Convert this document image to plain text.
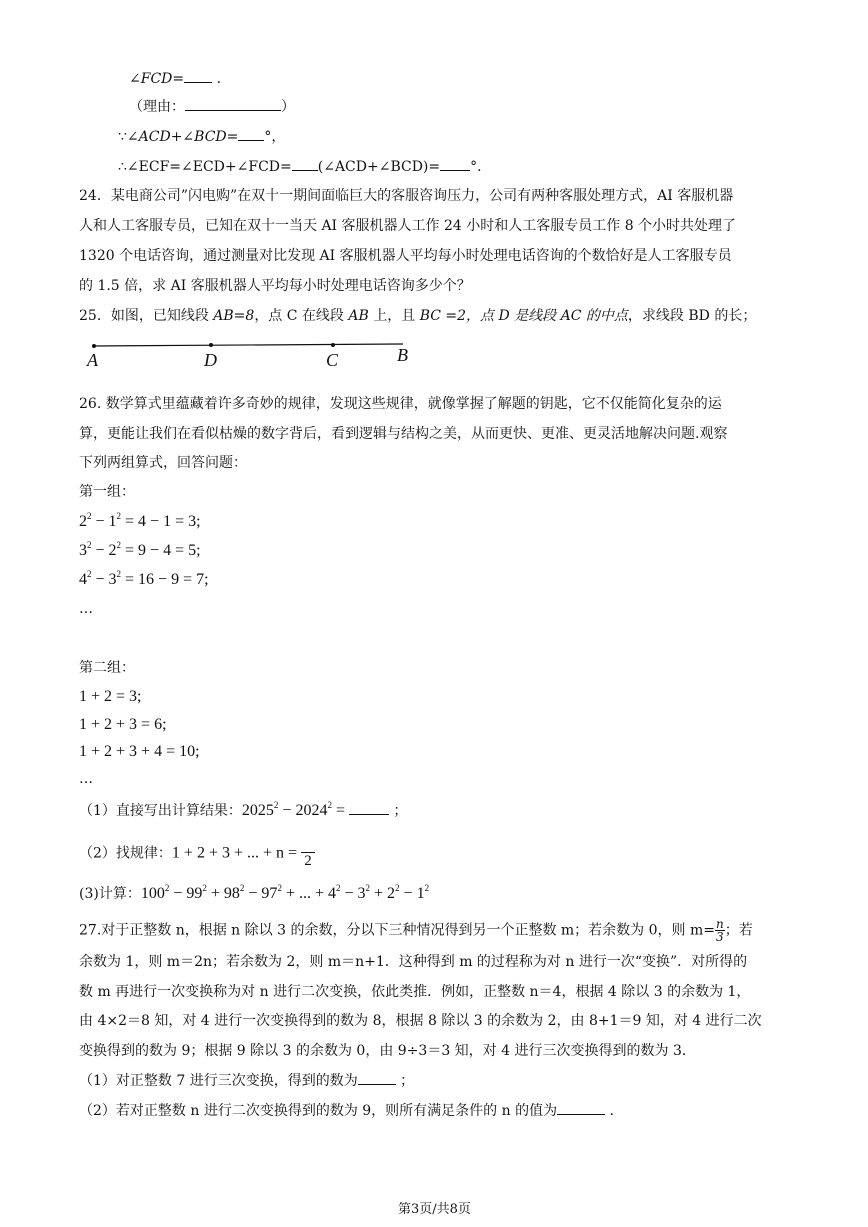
∠FCD= .
（理由：	）
∵∠ACD+∠BCD= °，
∴∠ECF=∠ECD+∠FCD= (∠ACD+∠BCD)= °.
24．某电商公司”闪电购”在双十一期间面临巨大的客服咨询压力，公司有两种客服处理方式，AI 客服机器
人和人工客服专员，已知在双十一当天 AI 客服机器人工作 24 小时和人工客服专员工作 8 个小时共处理了
1320 个电话咨询，通过测量对比发现 AI 客服机器人平均每小时处理电话咨询的个数恰好是人工客服专员
的 1.5 倍，求 AI 客服机器人平均每小时处理电话咨询多少个？
25．如图，已知线段 AB=8，点 C 在线段 AB 上，且 BC =2，点 D 是线段 AC 的中点，求线段 BD 的长；
A	D	C	B
26. 数学算式里蕴藏着许多奇妙的规律，发现这些规律，就像掌握了解题的钥匙，它不仅能简化复杂的运
算，更能让我们在看似枯燥的数字背后，看到逻辑与结构之美，从而更快、更准、更灵活地解决问题.观察
下列两组算式，回答问题：
第一组：
$2^2 - 1^2 = 4 - 1 = 3$;
$3^2 - 2^2 = 9 - 4 = 5$;
$4^2 - 3^2 = 16 - 9 = 7$;
…
第二组：
1 + 2 = 3;
1 + 2 + 3 = 6;
1 + 2 + 3 + 4 = 10;
…
（1）直接写出计算结果：$2025^2 - 2024^2$ =	；
（2）找规律：1 + 2 + 3 + ... + n = 2
(3)计算：$100^2 - 99^2 + 98^2 - 97^2$ + ... + $4^2 - 3^2 + 2^2 - 1^2$
27.对于正整数 n，根据 n 除以 3 的余数，分以下三种情况得到另一个正整数 m；若余数为 0，则 $m= \frac{n}{3}$ ；若
余数为 1，则 m＝2n；若余数为 2，则 m＝n+1．这种得到 m 的过程称为对 n 进行一次“变换”．对所得的
数 m 再进行一次变换称为对 n 进行二次变换，依此类推．例如，正整数 n＝4，根据 4 除以 3 的余数为 1，
由 4×2＝8 知，对 4 进行一次变换得到的数为 8，根据 8 除以 3 的余数为 2，由 8+1＝9 知，对 4 进行二次
变换得到的数为 9；根据 9 除以 3 的余数为 0，由 9÷3＝3 知，对 4 进行三次变换得到的数为 3．
（1）对正整数 7 进行三次变换，得到的数为	；
（2）若对正整数 n 进行二次变换得到的数为 9，则所有满足条件的 n 的值为	.
第3页/共8页
